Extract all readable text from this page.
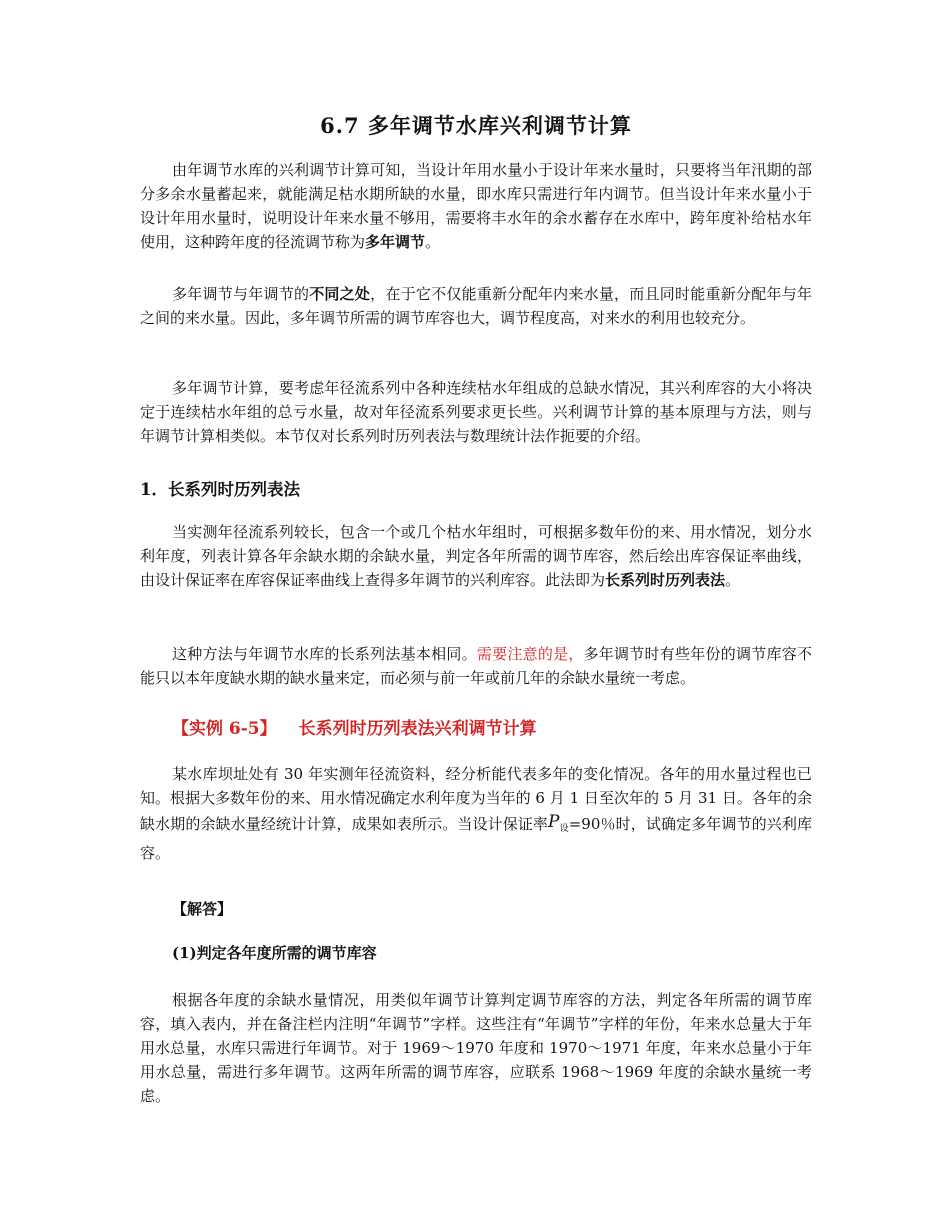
6.7 多年调节水库兴利调节计算

由年调节水库的兴利调节计算可知，当设计年用水量小于设计年来水量时，只要将当年汛期的部分多余水量蓄起来，就能满足枯水期所缺的水量，即水库只需进行年内调节。但当设计年来水量小于设计年用水量时，说明设计年来水量不够用，需要将丰水年的余水蓄存在水库中，跨年度补给枯水年使用，这种跨年度的径流调节称为多年调节。

多年调节与年调节的不同之处，在于它不仅能重新分配年内来水量，而且同时能重新分配年与年之间的来水量。因此，多年调节所需的调节库容也大，调节程度高，对来水的利用也较充分。

多年调节计算，要考虑年径流系列中各种连续枯水年组成的总缺水情况，其兴利库容的大小将决定于连续枯水年组的总亏水量，故对年径流系列要求更长些。兴利调节计算的基本原理与方法，则与年调节计算相类似。本节仅对长系列时历列表法与数理统计法作扼要的介绍。

1．长系列时历列表法

当实测年径流系列较长，包含一个或几个枯水年组时，可根据多数年份的来、用水情况，划分水利年度，列表计算各年余缺水期的余缺水量，判定各年所需的调节库容，然后绘出库容保证率曲线，由设计保证率在库容保证率曲线上查得多年调节的兴利库容。此法即为长系列时历列表法。

这种方法与年调节水库的长系列法基本相同。需要注意的是，多年调节时有些年份的调节库容不能只以本年度缺水期的缺水量来定，而必须与前一年或前几年的余缺水量统一考虑。

【实例 6-5】 长系列时历列表法兴利调节计算

某水库坝址处有 30 年实测年径流资料，经分析能代表多年的变化情况。各年的用水量过程也已知。根据大多数年份的来、用水情况确定水利年度为当年的 6 月 1 日至次年的 5 月 31 日。各年的余缺水期的余缺水量经统计计算，成果如表所示。当设计保证率$P_设=90$％时，试确定多年调节的兴利库容。

【解答】
(1)判定各年度所需的调节库容

根据各年度的余缺水量情况，用类似年调节计算判定调节库容的方法，判定各年所需的调节库容，填入表内，并在备注栏内注明“年调节”字样。这些注有“年调节”字样的年份，年来水总量大于年用水总量，水库只需进行年调节。对于 1969～1970 年度和 1970～1971 年度，年来水总量小于年用水总量，需进行多年调节。这两年所需的调节库容，应联系 1968～1969 年度的余缺水量统一考虑。
